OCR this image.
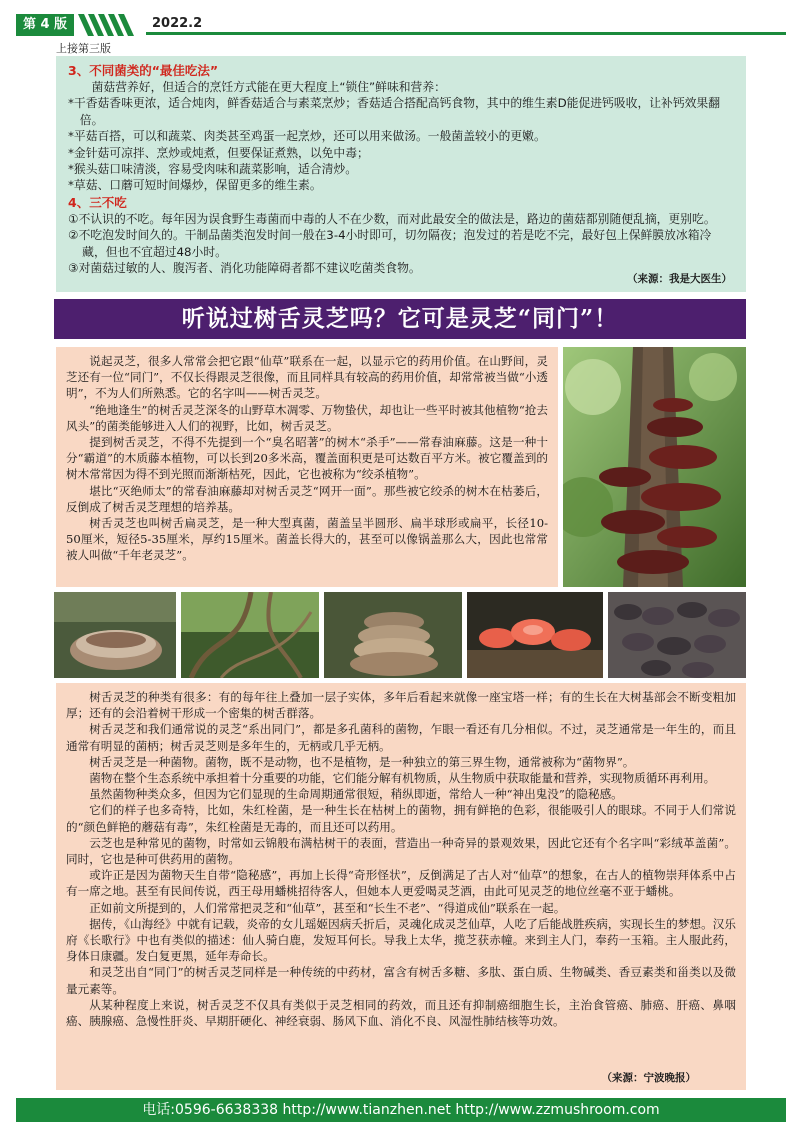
第 4 版	2022.2
上接第三版
3、不同菌类的“最佳吃法”

菌菇营养好，但适合的烹饪方式能在更大程度上“锁住”鲜味和营养：

*干香菇香味更浓，适合炖肉，鲜香菇适合与素菜烹炒；香菇适合搭配高钙食物，其中的维生素D能促进钙吸收，让补钙效果翻倍。

*平菇百搭，可以和蔬菜、肉类甚至鸡蛋一起烹炒，还可以用来做汤。一般菌盖较小的更嫩。

*金针菇可凉拌、烹炒或炖煮，但要保证煮熟，以免中毒；

*猴头菇口味清淡，容易受肉味和蔬菜影响，适合清炒。

*草菇、口蘑可短时间爆炒，保留更多的维生素。

4、三不吃

①不认识的不吃。每年因为误食野生毒菌而中毒的人不在少数，而对此最安全的做法是，路边的菌菇都别随便乱摘，更别吃。

②不吃泡发时间久的。干制品菌类泡发时间一般在3-4小时即可，切勿隔夜；泡发过的若是吃不完，最好包上保鲜膜放冰箱冷藏，但也不宜超过48小时。

③对菌菇过敏的人、腹泻者、消化功能障碍者都不建议吃菌类食物。

（来源：我是大医生）
听说过树舌灵芝吗？它可是灵芝“同门”！

说起灵芝，很多人常常会把它跟“仙草”联系在一起，以显示它的药用价值。在山野间，灵芝还有一位“同门”，不仅长得跟灵芝很像，而且同样具有较高的药用价值，却常常被当做“小透明”，不为人们所熟悉。它的名字叫——树舌灵芝。

“绝地逢生”的树舌灵芝深冬的山野草木凋零、万物蛰伏，却也让一些平时被其他植物“抢去风头”的菌类能够进入人们的视野，比如，树舌灵芝。

提到树舌灵芝，不得不先提到一个“臭名昭著”的树木“杀手”——常春油麻藤。这是一种十分“霸道”的木质藤本植物，可以长到20多米高，覆盖面积更是可达数百平方米。被它覆盖到的树木常常因为得不到光照而渐渐枯死，因此，它也被称为“绞杀植物”。

堪比“灭绝师太”的常春油麻藤却对树舌灵芝“网开一面”。那些被它绞杀的树木在枯萎后，反倒成了树舌灵芝理想的培养基。

树舌灵芝也叫树舌扁灵芝，是一种大型真菌，菌盖呈半圆形、扁半球形或扁平，长径10-50厘米，短径5-35厘米，厚约15厘米。菌盖长得大的，甚至可以像锅盖那么大，因此也常常被人叫做“千年老灵芝”。

树舌灵芝的种类有很多：有的每年往上叠加一层子实体，多年后看起来就像一座宝塔一样；有的生长在大树基部会不断变粗加厚；还有的会沿着树干形成一个密集的树舌群落。

树舌灵芝和我们通常说的灵芝“系出同门”，都是多孔菌科的菌物，乍眼一看还有几分相似。不过，灵芝通常是一年生的，而且通常有明显的菌柄；树舌灵芝则是多年生的，无柄或几乎无柄。

树舌灵芝是一种菌物。菌物，既不是动物，也不是植物，是一种独立的第三界生物，通常被称为“菌物界”。

菌物在整个生态系统中承担着十分重要的功能，它们能分解有机物质，从生物质中获取能量和营养，实现物质循环再利用。

虽然菌物种类众多，但因为它们显现的生命周期通常很短，稍纵即逝，常给人一种“神出鬼没”的隐秘感。

它们的样子也多奇特，比如，朱红栓菌，是一种生长在枯树上的菌物，拥有鲜艳的色彩，很能吸引人的眼球。不同于人们常说的“颜色鲜艳的蘑菇有毒”，朱红栓菌是无毒的，而且还可以药用。

云芝也是种常见的菌物，时常如云锦般布满枯树干的表面，营造出一种奇异的景观效果，因此它还有个名字叫“彩绒革盖菌”。同时，它也是种可供药用的菌物。

或许正是因为菌物天生自带“隐秘感”，再加上长得“奇形怪状”，反倒满足了古人对“仙草”的想象，在古人的植物崇拜体系中占有一席之地。甚至有民间传说，西王母用蟠桃招待客人，但她本人更爱喝灵芝酒，由此可见灵芝的地位丝毫不亚于蟠桃。

正如前文所提到的，人们常常把灵芝和“仙草”，甚至和“长生不老”、“得道成仙”联系在一起。

据传，《山海经》中就有记载，炎帝的女儿瑶姬因病夭折后，灵魂化成灵芝仙草，人吃了后能战胜疾病，实现长生的梦想。汉乐府《长歌行》中也有类似的描述：仙人骑白鹿，发短耳何长。导我上太华，揽芝获赤幢。来到主人门，奉药一玉箱。主人服此药，身体日康疆。发白复更黑，延年寿命长。

和灵芝出自“同门”的树舌灵芝同样是一种传统的中药材，富含有树舌多糖、多肽、蛋白质、生物碱类、香豆素类和甾类以及微量元素等。

从某种程度上来说，树舌灵芝不仅具有类似于灵芝相同的药效，而且还有抑制癌细胞生长，主治食管癌、肺癌、肝癌、鼻咽癌、胰腺癌、急慢性肝炎、早期肝硬化、神经衰弱、肠风下血、消化不良、风湿性肺结核等功效。

（来源：宁波晚报）
电话:0596-6638338 http://www.tianzhen.net http://www.zzmushroom.com
